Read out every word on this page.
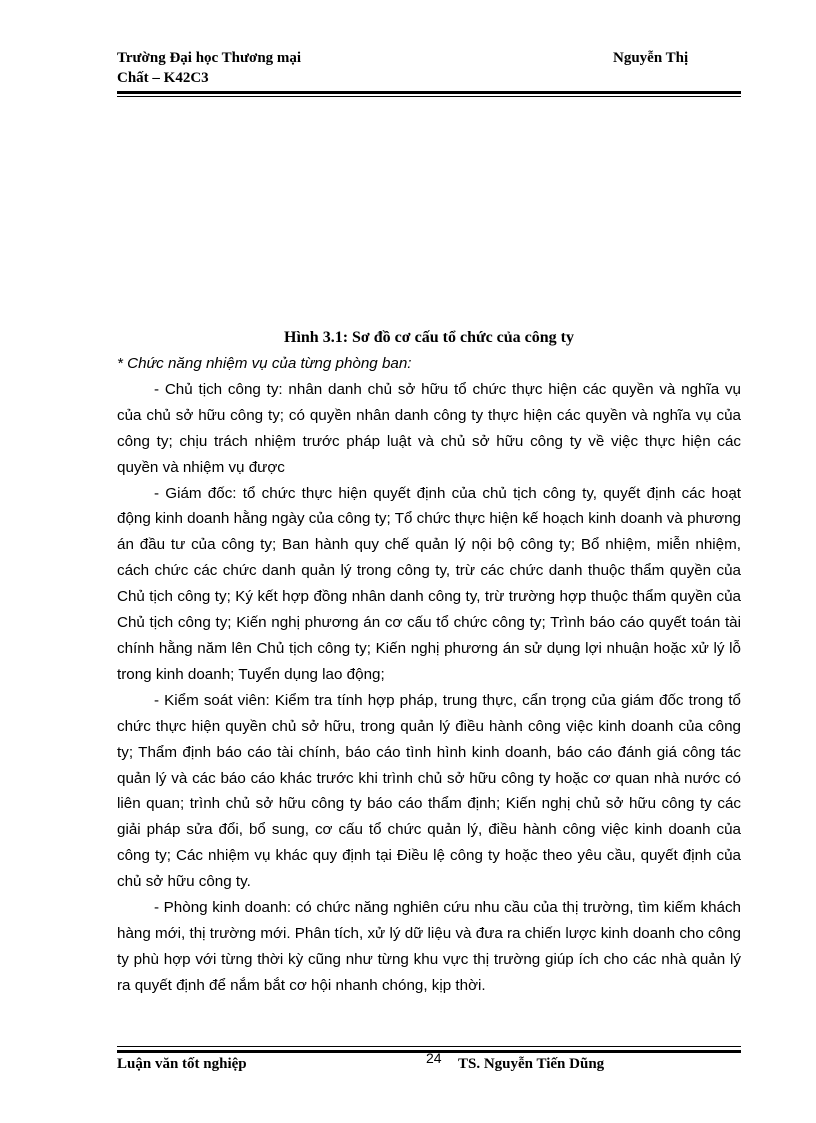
Trường Đại học Thương mại	Nguyễn Thị
Chất – K42C3
Hình 3.1: Sơ đồ cơ cấu tổ chức của công ty

* Chức năng nhiệm vụ của từng phòng ban:

- Chủ tịch công ty: nhân danh chủ sở hữu tổ chức thực hiện các quyền và nghĩa vụ của chủ sở hữu công ty; có quyền nhân danh công ty thực hiện các quyền và nghĩa vụ của công ty; chịu trách nhiệm trước pháp luật và chủ sở hữu công ty về việc thực hiện các quyền và nhiệm vụ được

- Giám đốc: tổ chức thực hiện quyết định của chủ tịch công ty, quyết định các hoạt động kinh doanh hằng ngày của công ty; Tổ chức thực hiện kế hoạch kinh doanh và phương án đầu tư của công ty; Ban hành quy chế quản lý nội bộ công ty; Bổ nhiệm, miễn nhiệm, cách chức các chức danh quản lý trong công ty, trừ các chức danh thuộc thẩm quyền của Chủ tịch công ty; Ký kết hợp đồng nhân danh công ty, trừ trường hợp thuộc thẩm quyền của Chủ tịch công ty; Kiến nghị phương án cơ cấu tổ chức công ty; Trình báo cáo quyết toán tài chính hằng năm lên Chủ tịch công ty; Kiến nghị phương án sử dụng lợi nhuận hoặc xử lý lỗ trong kinh doanh; Tuyển dụng lao động;

- Kiểm soát viên: Kiểm tra tính hợp pháp, trung thực, cẩn trọng của giám đốc trong tổ chức thực hiện quyền chủ sở hữu, trong quản lý điều hành công việc kinh doanh của công ty; Thẩm định báo cáo tài chính, báo cáo tình hình kinh doanh, báo cáo đánh giá công tác quản lý và các báo cáo khác trước khi trình chủ sở hữu công ty hoặc cơ quan nhà nước có liên quan; trình chủ sở hữu công ty báo cáo thẩm định; Kiến nghị chủ sở hữu công ty các giải pháp sửa đổi, bổ sung, cơ cấu tổ chức quản lý, điều hành công việc kinh doanh của công ty; Các nhiệm vụ khác quy định tại Điều lệ công ty hoặc theo yêu cầu, quyết định của chủ sở hữu công ty.

- Phòng kinh doanh: có chức năng nghiên cứu nhu cầu của thị trường, tìm kiếm khách hàng mới, thị trường mới. Phân tích, xử lý dữ liệu và đưa ra chiến lược kinh doanh cho công ty phù hợp với từng thời kỳ cũng như từng khu vực thị trường giúp ích cho các nhà quản lý ra quyết định để nắm bắt cơ hội nhanh chóng, kịp thời.

Luận văn tốt nghiệp	24 TS. Nguyễn Tiến Dũng
